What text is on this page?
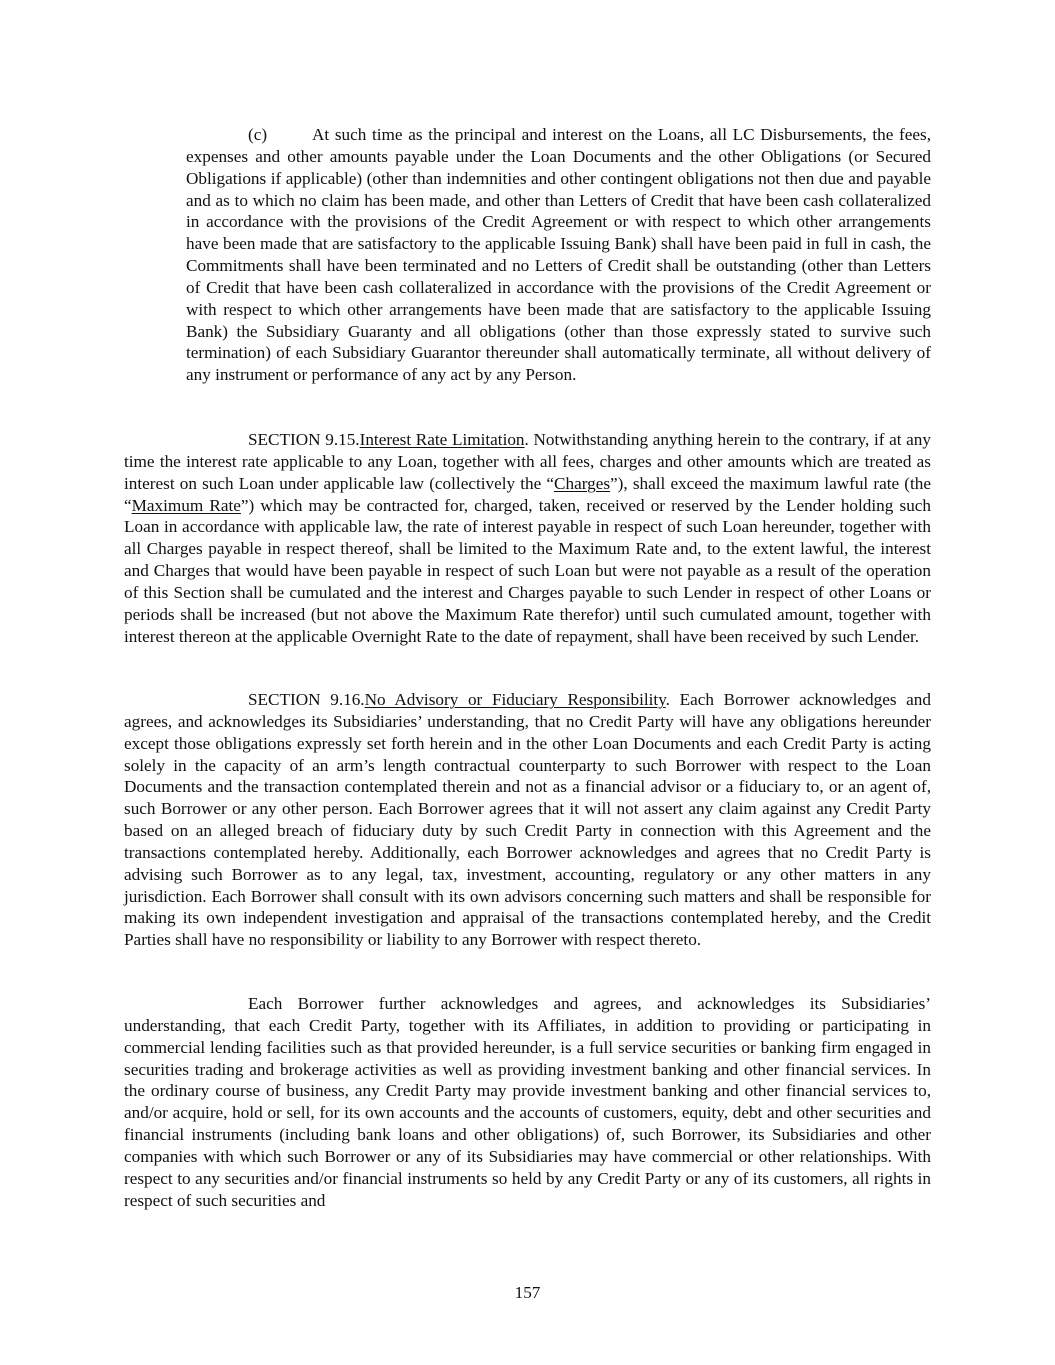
(c)	At such time as the principal and interest on the Loans, all LC Disbursements, the fees, expenses and other amounts payable under the Loan Documents and the other Obligations (or Secured Obligations if applicable) (other than indemnities and other contingent obligations not then due and payable and as to which no claim has been made, and other than Letters of Credit that have been cash collateralized in accordance with the provisions of the Credit Agreement or with respect to which other arrangements have been made that are satisfactory to the applicable Issuing Bank) shall have been paid in full in cash, the Commitments shall have been terminated and no Letters of Credit shall be outstanding (other than Letters of Credit that have been cash collateralized in accordance with the provisions of the Credit Agreement or with respect to which other arrangements have been made that are satisfactory to the applicable Issuing Bank) the Subsidiary Guaranty and all obligations (other than those expressly stated to survive such termination) of each Subsidiary Guarantor thereunder shall automatically terminate, all without delivery of any instrument or performance of any act by any Person.

SECTION 9.15.Interest Rate Limitation. Notwithstanding anything herein to the contrary, if at any time the interest rate applicable to any Loan, together with all fees, charges and other amounts which are treated as interest on such Loan under applicable law (collectively the “Charges”), shall exceed the maximum lawful rate (the “Maximum Rate”) which may be contracted for, charged, taken, received or reserved by the Lender holding such Loan in accordance with applicable law, the rate of interest payable in respect of such Loan hereunder, together with all Charges payable in respect thereof, shall be limited to the Maximum Rate and, to the extent lawful, the interest and Charges that would have been payable in respect of such Loan but were not payable as a result of the operation of this Section shall be cumulated and the interest and Charges payable to such Lender in respect of other Loans or periods shall be increased (but not above the Maximum Rate therefor) until such cumulated amount, together with interest thereon at the applicable Overnight Rate to the date of repayment, shall have been received by such Lender.

SECTION 9.16.No Advisory or Fiduciary Responsibility. Each Borrower acknowledges and agrees, and acknowledges its Subsidiaries’ understanding, that no Credit Party will have any obligations hereunder except those obligations expressly set forth herein and in the other Loan Documents and each Credit Party is acting solely in the capacity of an arm’s length contractual counterparty to such Borrower with respect to the Loan Documents and the transaction contemplated therein and not as a financial advisor or a fiduciary to, or an agent of, such Borrower or any other person. Each Borrower agrees that it will not assert any claim against any Credit Party based on an alleged breach of fiduciary duty by such Credit Party in connection with this Agreement and the transactions contemplated hereby. Additionally, each Borrower acknowledges and agrees that no Credit Party is advising such Borrower as to any legal, tax, investment, accounting, regulatory or any other matters in any jurisdiction. Each Borrower shall consult with its own advisors concerning such matters and shall be responsible for making its own independent investigation and appraisal of the transactions contemplated hereby, and the Credit Parties shall have no responsibility or liability to any Borrower with respect thereto.

Each Borrower further acknowledges and agrees, and acknowledges its Subsidiaries’ understanding, that each Credit Party, together with its Affiliates, in addition to providing or participating in commercial lending facilities such as that provided hereunder, is a full service securities or banking firm engaged in securities trading and brokerage activities as well as providing investment banking and other financial services. In the ordinary course of business, any Credit Party may provide investment banking and other financial services to, and/or acquire, hold or sell, for its own accounts and the accounts of customers, equity, debt and other securities and financial instruments (including bank loans and other obligations) of, such Borrower, its Subsidiaries and other companies with which such Borrower or any of its Subsidiaries may have commercial or other relationships. With respect to any securities and/or financial instruments so held by any Credit Party or any of its customers, all rights in respect of such securities and

157
